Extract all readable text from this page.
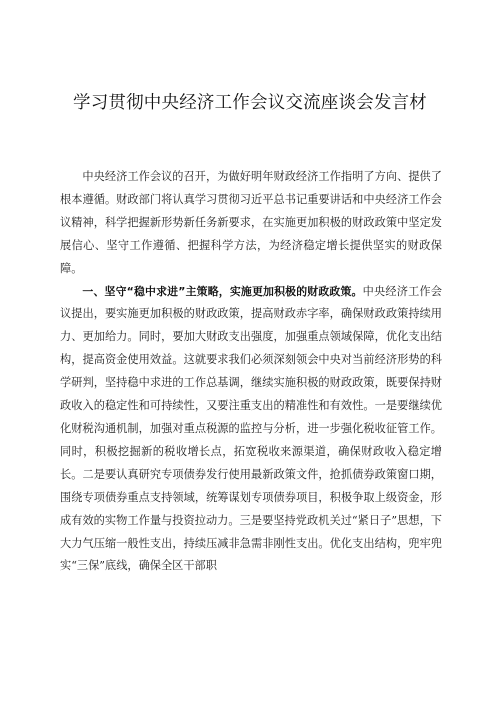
学习贯彻中央经济工作会议交流座谈会发言材

中央经济工作会议的召开，为做好明年财政经济工作指明了方向、提供了根本遵循。财政部门将认真学习贯彻习近平总书记重要讲话和中央经济工作会议精神，科学把握新形势新任务新要求，在实施更加积极的财政政策中坚定发展信心、坚守工作遵循、把握科学方法，为经济稳定增长提供坚实的财政保障。

一、坚守“稳中求进”主策略，实施更加积极的财政政策。中央经济工作会议提出，要实施更加积极的财政政策，提高财政赤字率，确保财政政策持续用力、更加给力。同时，要加大财政支出强度，加强重点领域保障，优化支出结构，提高资金使用效益。这就要求我们必须深刻领会中央对当前经济形势的科学研判，坚持稳中求进的工作总基调，继续实施积极的财政政策，既要保持财政收入的稳定性和可持续性，又要注重支出的精准性和有效性。一是要继续优化财税沟通机制，加强对重点税源的监控与分析，进一步强化税收征管工作。同时，积极挖掘新的税收增长点，拓宽税收来源渠道，确保财政收入稳定增长。二是要认真研究专项债券发行使用最新政策文件，抢抓债券政策窗口期，围绕专项债券重点支持领域，统筹谋划专项债券项目，积极争取上级资金，形成有效的实物工作量与投资拉动力。三是要坚持党政机关过“紧日子”思想，下大力气压缩一般性支出，持续压减非急需非刚性支出。优化支出结构，兜牢兜实“三保”底线，确保全区干部职
